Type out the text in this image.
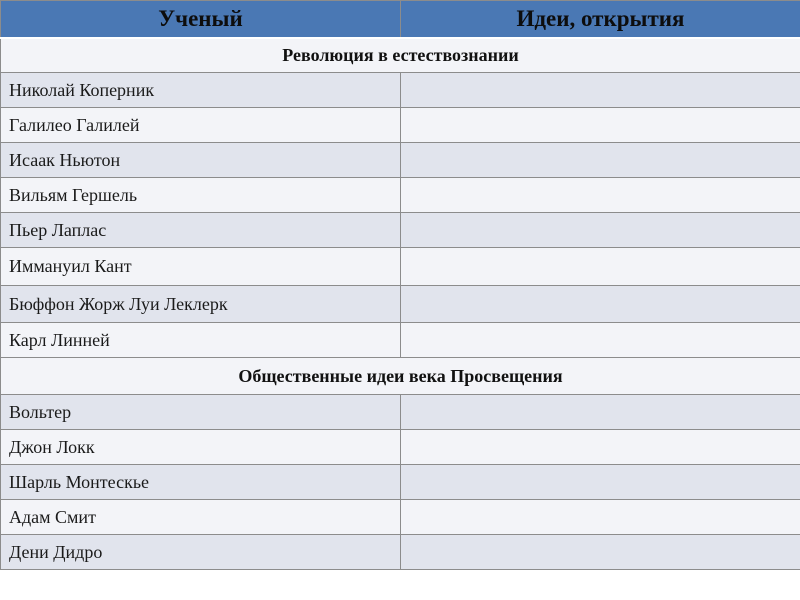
Ученый	Идеи, открытия
Революция в естествознании	
Николай Коперник	
Галилео Галилей	
Исаак Ньютон	
Вильям Гершель	
Пьер Лаплас	
Иммануил Кант	
Бюффон Жорж Луи Леклерк	
Карл Линней	
Общественные идеи века Просвещения	
Вольтер	
Джон Локк	
Шарль Монтескье	
Адам Смит	
Дени Дидро	
